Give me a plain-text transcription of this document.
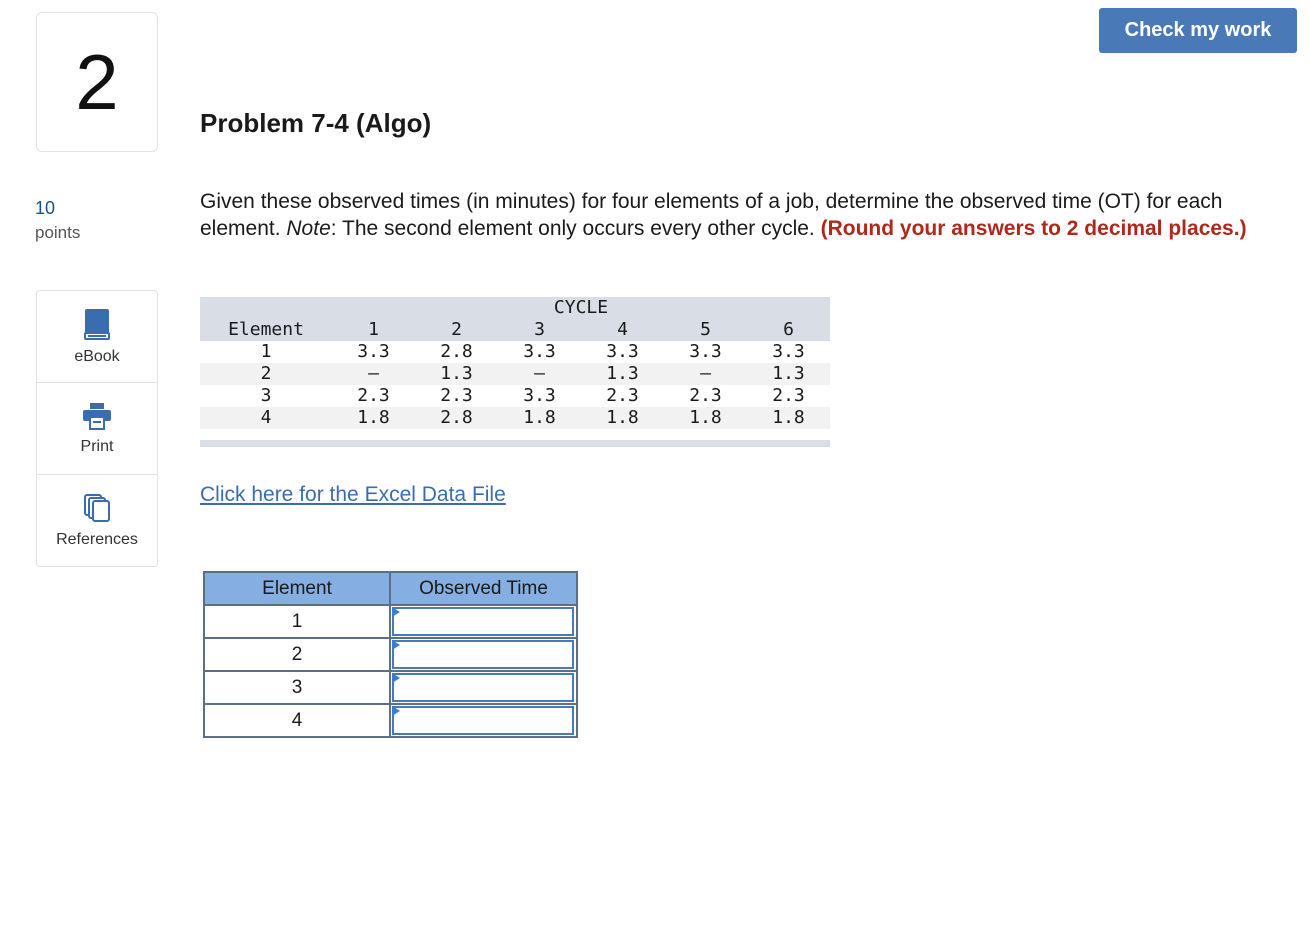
2
10
points
eBook
Print
References
Check my work
Problem 7-4 (Algo)
Given these observed times (in minutes) for four elements of a job, determine the observed time (OT) for each element. Note: The second element only occurs every other cycle. (Round your answers to 2 decimal places.)
	CYCLE					
Element	1	2	3	4	5	6
1	3.3	2.8	3.3	3.3	3.3	3.3
2	–	1.3	–	1.3	–	1.3
3	2.3	2.3	3.3	2.3	2.3	2.3
4	1.8	2.8	1.8	1.8	1.8	1.8
Click here for the Excel Data File
Element	Observed Time
1	

2	

3	

4	
